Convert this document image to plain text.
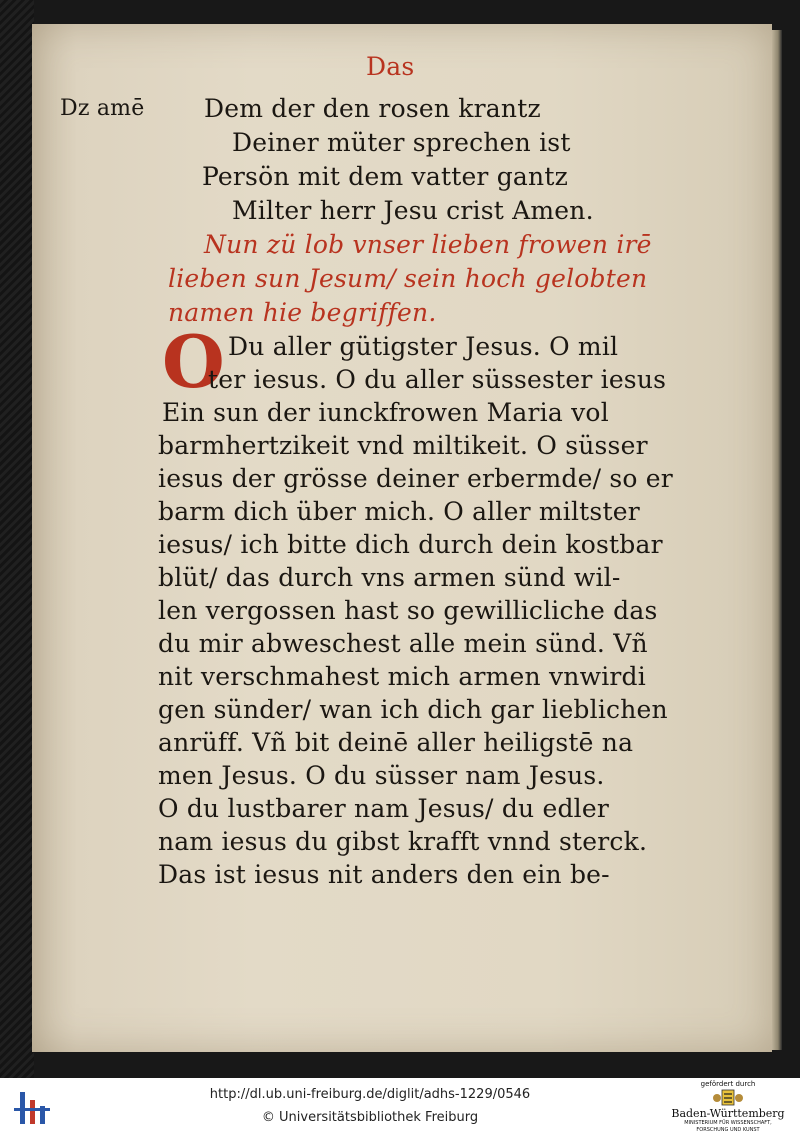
Das
Dz amē Dem der den rosen krantz
Deiner müter sprechen ist
Persön mit dem vatter gantz
Milter herr Jesu crist Amen.
Nun zü lob vnser lieben frowen irē
lieben sun Jesum/ sein hoch gelobten
namen hie begriffen.
O Du aller gütigster Jesus. O mil
ter iesus. O du aller süssester iesus
Ein sun der iunckfrowen Maria vol
barmhertzikeit vnd miltikeit. O süsser
iesus der grösse deiner erbermde/ so er
barm dich über mich. O aller miltster
iesus/ ich bitte dich durch dein kostbar
blüt/ das durch vns armen sünd wil-
len vergossen hast so gewillicliche das
du mir abweschest alle mein sünd. Vñ
nit verschmahest mich armen vnwirdi
gen sünder/ wan ich dich gar lieblichen
anrüff. Vñ bit deinē aller heiligstē na
men Jesus. O du süsser nam Jesus.
O du lustbarer nam Jesus/ du edler
nam iesus du gibst krafft vnnd sterck.
Das ist iesus nit anders den ein be-
http://dl.ub.uni-freiburg.de/diglit/adhs-1229/0546
© Universitätsbibliothek Freiburg
gefördert durch
Baden-Württemberg
MINISTERIUM FÜR WISSENSCHAFT, FORSCHUNG UND KUNST
